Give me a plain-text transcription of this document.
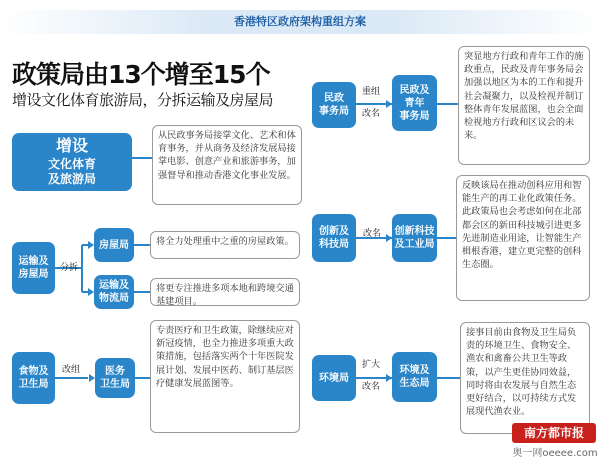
香港特区政府架构重组方案
政策局由13个增至15个
增设文化体育旅游局，分拆运输及房屋局
增设
文化体育
及旅游局
从民政事务局接掌文化、艺术和体育事务，并从商务及经济发展局接掌电影、创意产业和旅游事务，加强督导和推动香港文化事业发展。
运输及
房屋局
分拆
房屋局	将全力处理重中之重的房屋政策。
运输及
物流局
将更专注推进多项本地和跨境交通基建项目。
食物及
卫生局
改组	医务
卫生局
专责医疗和卫生政策，除继续应对新冠疫情，也全力推进多项重大政策措施，包括落实两个十年医院发展计划、发展中医药、制订基层医疗健康发展蓝图等。
民政
事务局
重组
改名
民政及
青年
事务局
突显地方行政和青年工作的施政重点，民政及青年事务局会加强以地区为本的工作和提升社会凝聚力，以及检视并制订整体青年发展蓝图，也会全面检视地方行政和区议会的未来。
创新及
科技局
改名	创新科技
及工业局
反映该局在推动创科应用和智能生产的再工业化政策任务。此政策局也会考虑如何在北部都会区的新田科技城引进更多先进制造业用途，让智能生产楫根香港，建立更完整的创科生态圈。
环境局
扩大
改名
环境及
生态局
接事目前由食物及卫生局负责的环境卫生、食物安全、渔农和禽畜公共卫生等政策，以产生更佳协同效益，同时将由农发展与自然生态更好结合，以可持续方式发展现代渔农业。
南方都市报
奥一网oeeee.com
